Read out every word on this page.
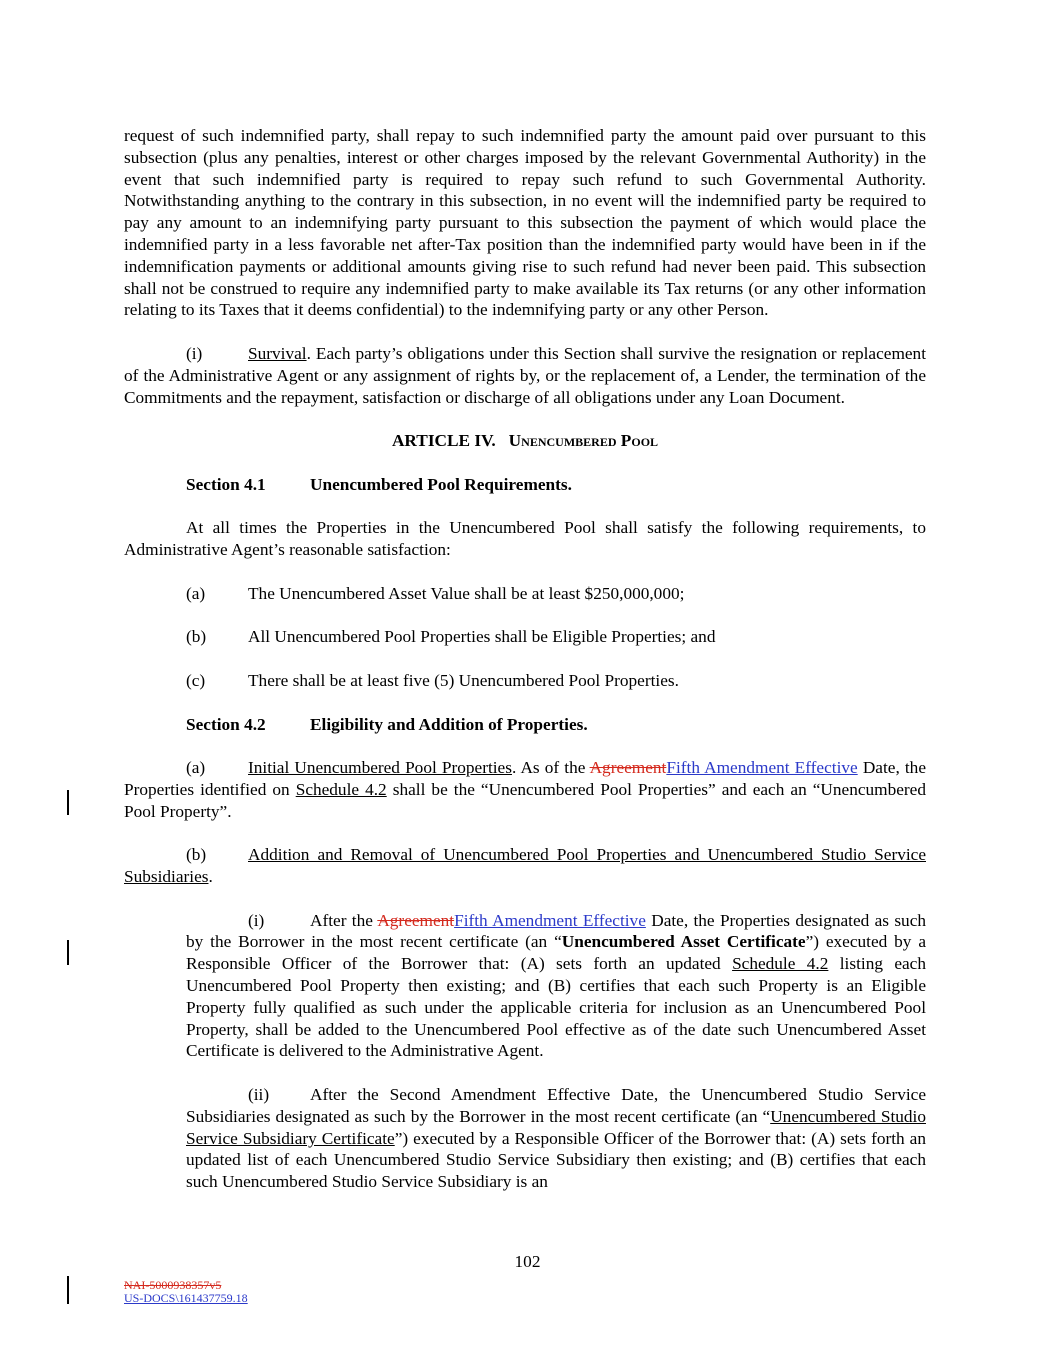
request of such indemnified party, shall repay to such indemnified party the amount paid over pursuant to this subsection (plus any penalties, interest or other charges imposed by the relevant Governmental Authority) in the event that such indemnified party is required to repay such refund to such Governmental Authority. Notwithstanding anything to the contrary in this subsection, in no event will the indemnified party be required to pay any amount to an indemnifying party pursuant to this subsection the payment of which would place the indemnified party in a less favorable net after-Tax position than the indemnified party would have been in if the indemnification payments or additional amounts giving rise to such refund had never been paid. This subsection shall not be construed to require any indemnified party to make available its Tax returns (or any other information relating to its Taxes that it deems confidential) to the indemnifying party or any other Person.

(i)	Survival. Each party’s obligations under this Section shall survive the resignation or replacement of the Administrative Agent or any assignment of rights by, or the replacement of, a Lender, the termination of the Commitments and the repayment, satisfaction or discharge of all obligations under any Loan Document.

ARTICLE IV. Unencumbered Pool

Section 4.1	Unencumbered Pool Requirements.

At all times the Properties in the Unencumbered Pool shall satisfy the following requirements, to Administrative Agent’s reasonable satisfaction:

(a) The Unencumbered Asset Value shall be at least $250,000,000;

(b) All Unencumbered Pool Properties shall be Eligible Properties; and

(c) There shall be at least five (5) Unencumbered Pool Properties.

Section 4.2	Eligibility and Addition of Properties.

(a) Initial Unencumbered Pool Properties. As of the AgreementFifth Amendment Effective Date, the Properties identified on Schedule 4.2 shall be the “Unencumbered Pool Properties” and each an “Unencumbered Pool Property”.

(b) Addition and Removal of Unencumbered Pool Properties and Unencumbered Studio Service Subsidiaries.

(i)	After the AgreementFifth Amendment Effective Date, the Properties designated as such by the Borrower in the most recent certificate (an “Unencumbered Asset Certificate”) executed by a Responsible Officer of the Borrower that: (A) sets forth an updated Schedule 4.2 listing each Unencumbered Pool Property then existing; and (B) certifies that each such Property is an Eligible Property fully qualified as such under the applicable criteria for inclusion as an Unencumbered Pool Property, shall be added to the Unencumbered Pool effective as of the date such Unencumbered Asset Certificate is delivered to the Administrative Agent.

(ii) After the Second Amendment Effective Date, the Unencumbered Studio Service Subsidiaries designated as such by the Borrower in the most recent certificate (an “Unencumbered Studio Service Subsidiary Certificate”) executed by a Responsible Officer of the Borrower that: (A) sets forth an updated list of each Unencumbered Studio Service Subsidiary then existing; and (B) certifies that each such Unencumbered Studio Service Subsidiary is an

102
NAI-5000938357v5
US-DOCS\161437759.18
